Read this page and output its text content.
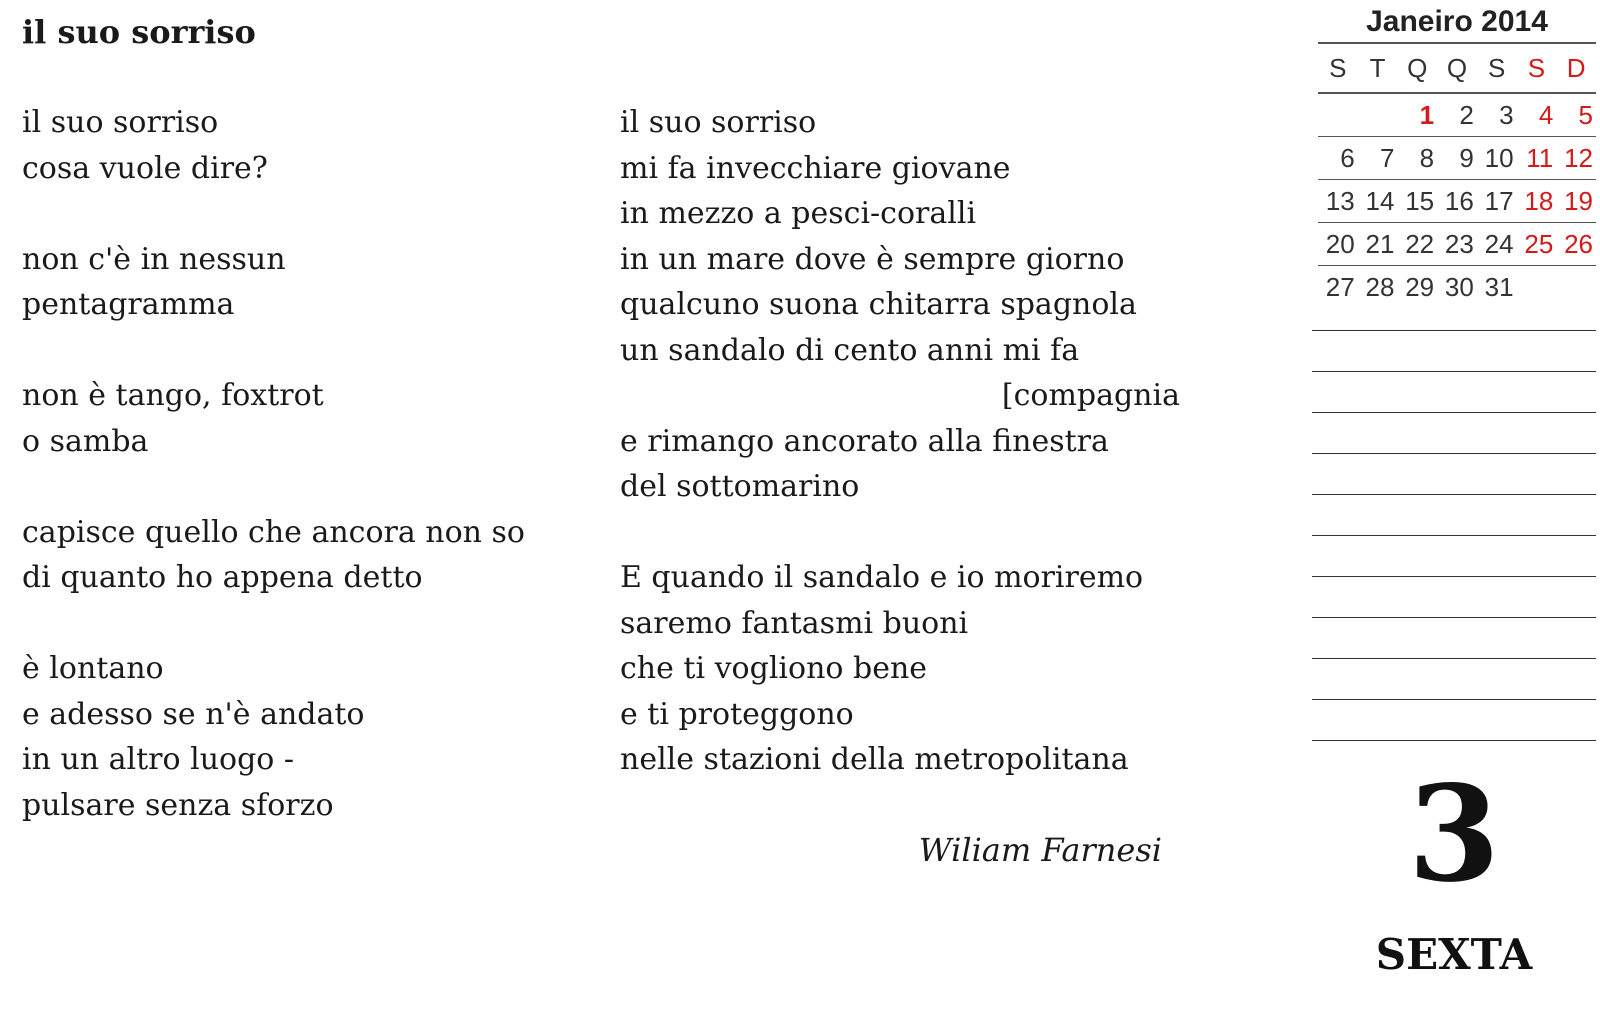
il suo sorriso
il suo sorriso
cosa vuole dire?
non c'è in nessun
pentagramma
non è tango, foxtrot
o samba
capisce quello che ancora non so
di quanto ho appena detto
è lontano
e adesso se n'è andato
in un altro luogo -
pulsare senza sforzo
il suo sorriso
mi fa invecchiare giovane
in mezzo a pesci-coralli
in un mare dove è sempre giorno
qualcuno suona chitarra spagnola
un sandalo di cento anni mi fa
[compagnia
e rimango ancorato alla finestra
del sottomarino
E quando il sandalo e io moriremo
saremo fantasmi buoni
che ti vogliono bene
e ti proteggono
nelle stazioni della metropolitana
Wiliam Farnesi
Janeiro 2014
S T Q Q S S D
1 2 3 4 5
6 7 8 9 10 11 12
13 14 15 16 17 18 19
20 21 22 23 24 25 26
27 28 29 30 31
3
SEXTA
